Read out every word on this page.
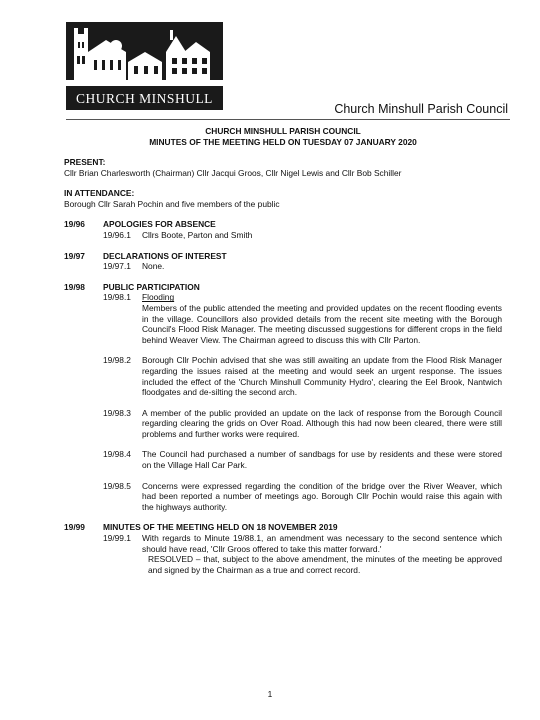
CHURCH MINSHULL
Church Minshull Parish Council
CHURCH MINSHULL PARISH COUNCIL
MINUTES OF THE MEETING HELD ON TUESDAY 07 JANUARY 2020
PRESENT:
Cllr Brian Charlesworth (Chairman) Cllr Jacqui Groos, Cllr Nigel Lewis and Cllr Bob Schiller
IN ATTENDANCE:
Borough Cllr Sarah Pochin and five members of the public
19/96 APOLOGIES FOR ABSENCE
19/96.1 Cllrs Boote, Parton and Smith
19/97 DECLARATIONS OF INTEREST
19/97.1 None.
19/98 PUBLIC PARTICIPATION
19/98.1 Flooding
Members of the public attended the meeting and provided updates on the recent flooding events in the village. Councillors also provided details from the recent site meeting with the Borough Council's Flood Risk Manager. The meeting discussed suggestions for different crops in the field behind Weaver View. The Chairman agreed to discuss this with Cllr Parton.
19/98.2 Borough Cllr Pochin advised that she was still awaiting an update from the Flood Risk Manager regarding the issues raised at the meeting and would seek an urgent response. The issues included the effect of the 'Church Minshull Community Hydro', clearing the Eel Brook, Nantwich floodgates and de-silting the second arch.
19/98.3 A member of the public provided an update on the lack of response from the Borough Council regarding clearing the grids on Over Road. Although this had now been cleared, there were still problems and further works were required.
19/98.4 The Council had purchased a number of sandbags for use by residents and these were stored on the Village Hall Car Park.
19/98.5 Concerns were expressed regarding the condition of the bridge over the River Weaver, which had been reported a number of meetings ago. Borough Cllr Pochin would raise this again with the highways authority.
19/99 MINUTES OF THE MEETING HELD ON 18 NOVEMBER 2019
19/99.1 With regards to Minute 19/88.1, an amendment was necessary to the second sentence which should have read, 'Cllr Groos offered to take this matter forward.'
RESOLVED – that, subject to the above amendment, the minutes of the meeting be approved and signed by the Chairman as a true and correct record.
1
